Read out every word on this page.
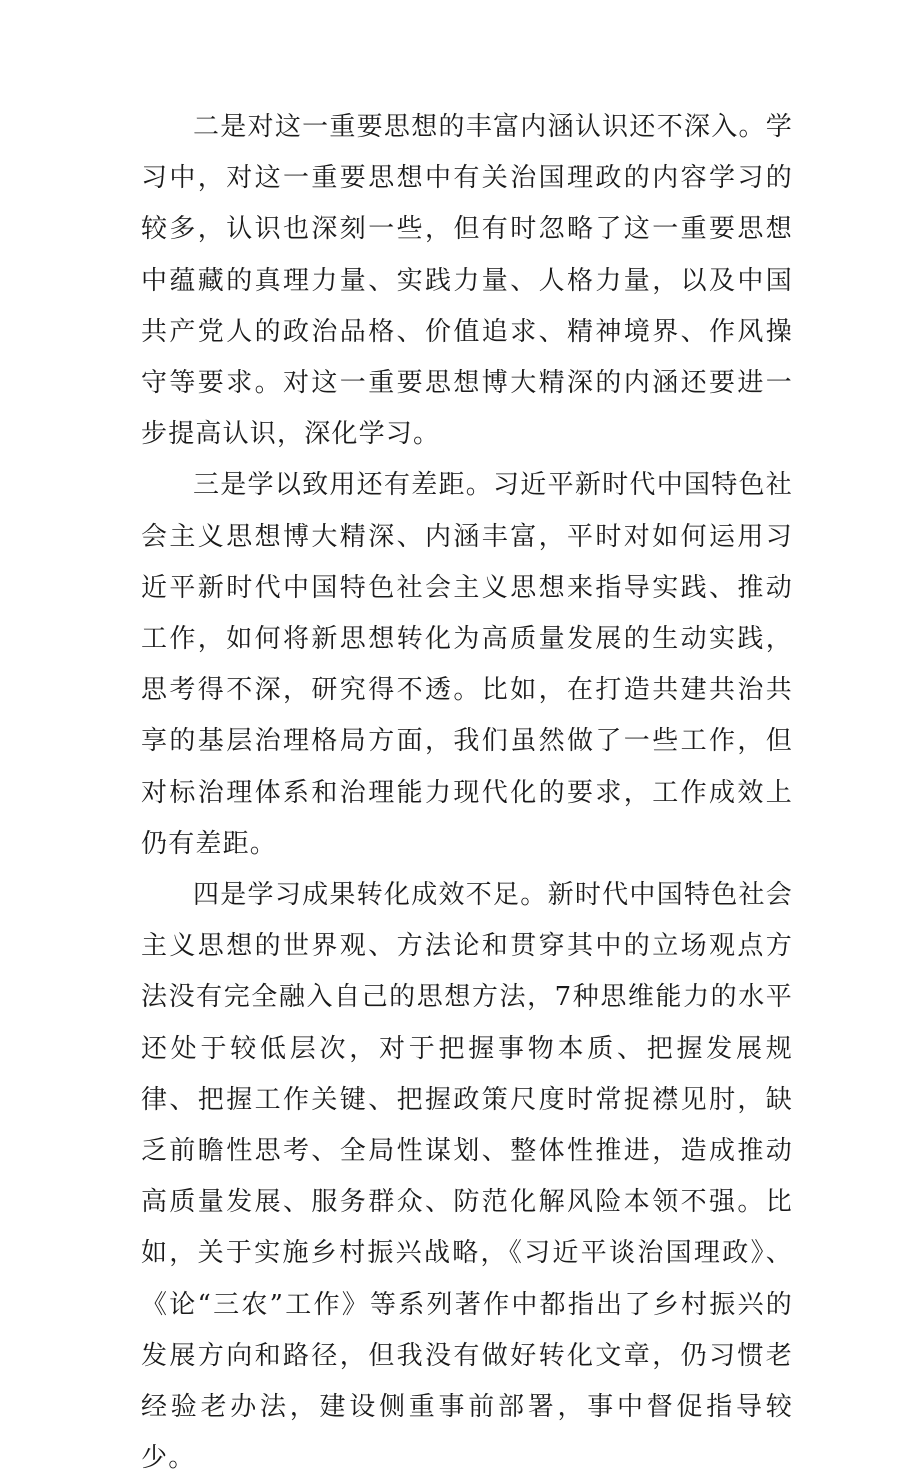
二是对这一重要思想的丰富内涵认识还不深入。学习中，对这一重要思想中有关治国理政的内容学习的较多，认识也深刻一些，但有时忽略了这一重要思想中蕴藏的真理力量、实践力量、人格力量，以及中国共产党人的政治品格、价值追求、精神境界、作风操守等要求。对这一重要思想博大精深的内涵还要进一步提高认识，深化学习。

三是学以致用还有差距。习近平新时代中国特色社会主义思想博大精深、内涵丰富，平时对如何运用习近平新时代中国特色社会主义思想来指导实践、推动工作，如何将新思想转化为高质量发展的生动实践，思考得不深，研究得不透。比如，在打造共建共治共享的基层治理格局方面，我们虽然做了一些工作，但对标治理体系和治理能力现代化的要求，工作成效上仍有差距。

四是学习成果转化成效不足。新时代中国特色社会主义思想的世界观、方法论和贯穿其中的立场观点方法没有完全融入自己的思想方法，7种思维能力的水平还处于较低层次，对于把握事物本质、把握发展规律、把握工作关键、把握政策尺度时常捉襟见肘，缺乏前瞻性思考、全局性谋划、整体性推进，造成推动高质量发展、服务群众、防范化解风险本领不强。比如，关于实施乡村振兴战略，《习近平谈治国理政》、《论“三农”工作》等系列著作中都指出了乡村振兴的发展方向和路径，但我没有做好转化文章，仍习惯老经验老办法，建设侧重事前部署，事中督促指导较少。
